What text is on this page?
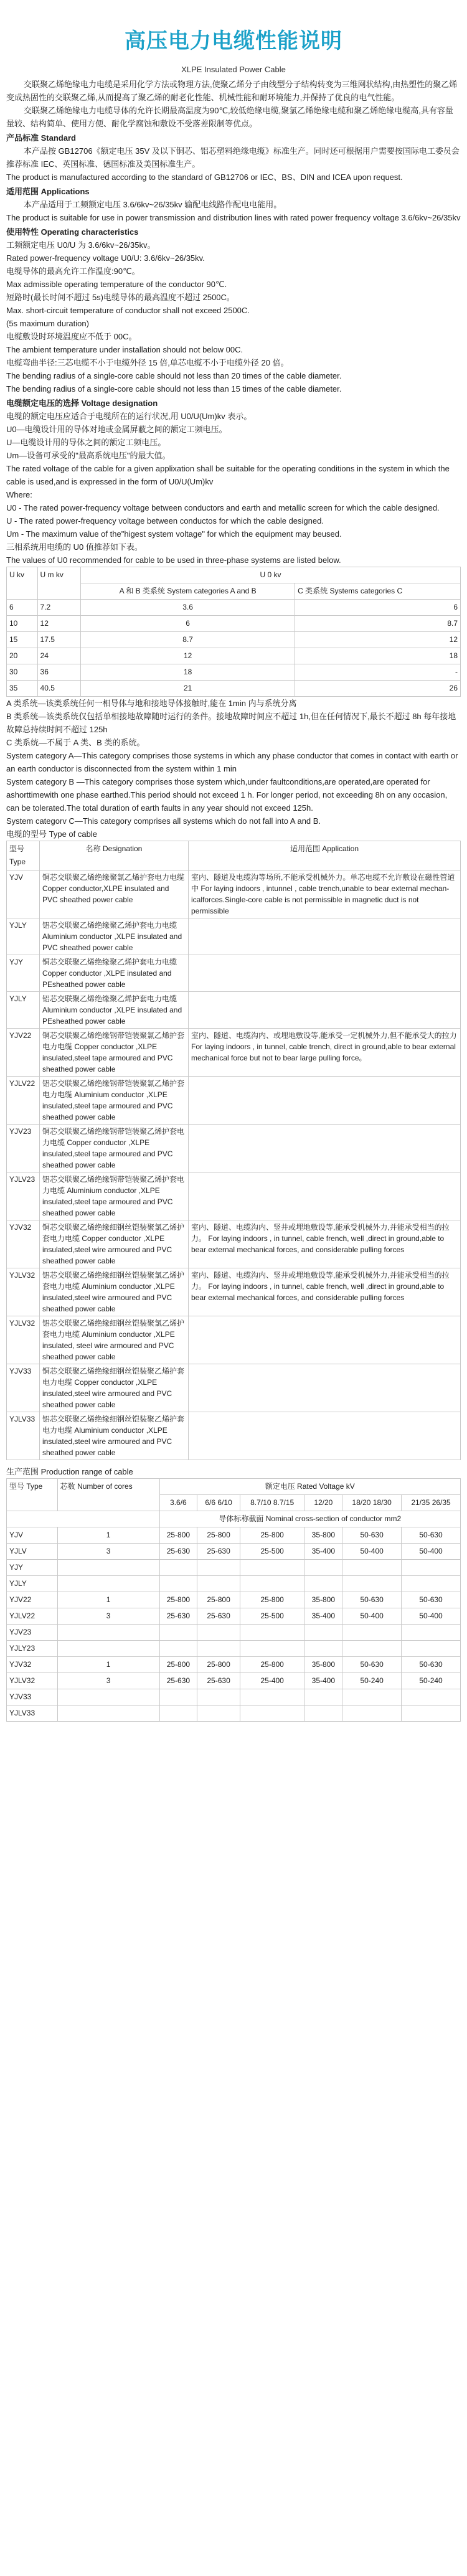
高压电力电缆性能说明
XLPE Insulated Power Cable

交联聚乙烯绝缘电力电缆是采用化学方法或物理方法,使聚乙烯分子由线型分子结构转变为三维网状结构,由热塑性的聚乙烯变成热固性的交联聚乙烯,从而提高了聚乙烯的耐老化性能、机械性能和耐环境能力,并保持了优良的电气性能。

交联聚乙烯绝缘电力电缆导体的允许长期最高温度为90℃,较低绝缘电缆,聚氯乙烯绝缘电缆和聚乙烯绝缘电缆高,具有容量量较、结构简单、使用方便、耐化学腐蚀和敷设不受落差限制等优点。

产品标准 Standard

本产品按 GB12706《额定电压 35V 及以下铜芯、铝芯塑料绝缘电缆》标准生产。同时还可根据用户需要按国际电工委员会推荐标准 IEC、英国标准、德国标准及美国标准生产。

The product is manufactured according to the standard of GB12706 or IEC、BS、DIN and ICEA upon request.

适用范围 Applications

本产品适用于工频额定电压 3.6/6kv~26/35kv 输配电线路作配电电能用。

The product is suitable for use in power transmission and distribution lines with rated power frequency voltage 3.6/6kv~26/35kv

使用特性 Operating characteristics

工频额定电压 U0/U 为 3.6/6kv~26/35kv。

Rated power-frequency voltage U0/U: 3.6/6kv~26/35kv.

电缆导体的最高允许工作温度:90℃。

Max admissible operating temperature of the conductor 90℃.

短路时(最长时间不超过 5s)电缆导体的最高温度不超过 2500C。

Max. short-circuit temperature of conductor shall not exceed 2500C.

(5s maximum duration)

电缆敷设时环境温度应不低于 00C。

The ambient temperature under installation should not below 00C.

电缆弯曲半径:三芯电缆不小于电缆外径 15 倍,单芯电缆不小于电缆外径 20 倍。

The bending radius of a single-core cable should not less than 20 times of the cable diameter.

The bending radius of a single-core cable should not less than 15 times of the cable diameter.

电缆额定电压的选择 Voltage designation

电缆的额定电压应适合于电缆所在的运行状况,用 U0/U(Um)kv 表示。

U0—电缆设计用的导体对地或金属屏蔽之间的额定工频电压。

U—电缆设计用的导体之间的额定工频电压。

Um—设备可承受的"最高系统电压"的最大值。

The rated voltage of the cable for a given applixation shall be suitable for the operating conditions in the system in which the cable is used,and is expressed in the form of U0/U(Um)kv

Where:

U0 - The rated power-frequency voltage between conductors and earth and metallic screen for which the cable designed.

U - The rated power-frequency voltage between conductos for which the cable designed.

Um - The maximum value of the"higest system voltage" for which the equipment may beused.

三相系统用电缆的 U0 值推荐如下表。

The values of U0 recommended for cable to be used in three-phase systems are listed below.

U kv	U m kv	U 0 kv	
		A 和 B 类系统 System categories A and B	C 类系统 Systems categories C
6	7.2	3.6	6
10	12	6	8.7
15	17.5	8.7	12
20	24	12	18
30	36	18	-
35	40.5	21	26

A 类系统—该类系统任何一相导体与地和接地导体接触时,能在 1min 内与系统分离

B 类系统—该类系统仅包括单相接地故障随时运行的条件。接地故障时间应不超过 1h,但在任何情况下,最长不超过 8h 每年接地故障总持续时间不超过 125h

C 类系统—不属于 A 类、B 类的系统。

System category A—This category comprises those systems in which any phase conductor that comes in contact with earth or an earth conductor is disconnected from the system within 1 min

System category B —This category comprises those system which,under faultconditions,are operated,are operated for ashorttimewith one phase earthed.This period should not exceed 1 h. For longer period, not exceeding 8h on any occasion, can be tolerated.The total duration of earth faults in any year should not exceed 125h.

System categorv C—This category comprises all systems which do not fall into A and B.

电缆的型号 Type of cable

型号 Type	名称 Designation	适用范围 Application
YJV	铜芯交联聚乙烯绝缘聚氯乙烯护套电力电缆 Copper conductor,XLPE insulated and PVC sheathed power cable	室内、隧道及电缆沟等场所,不能承受机械外力。单芯电缆不允许敷设在磁性管道中 For laying indoors , intunnel , cable trench,unable to bear external mechan-icalforces.Single-core cable is not permissible in magnetic duct is not permissible
YJLY	铝芯交联聚乙烯绝缘聚乙烯护套电力电缆 Aluminium conductor ,XLPE insulated and PVC sheathed power cable	
YJY	铜芯交联聚乙烯绝缘聚乙烯护套电力电缆 Copper conductor ,XLPE insulated and PEsheathed power cable	
YJLY	铝芯交联聚乙烯绝缘聚乙烯护套电力电缆 Aluminium conductor ,XLPE insulated and PEsheathed power cable	
YJV22	铜芯交联聚乙烯绝缘钢带铠装聚氯乙烯护套电力电缆 Copper conductor ,XLPE insulated,steel tape armoured and PVC sheathed power cable	室内、隧道、电缆沟内、或埋地敷设等,能承受一定机械外力,但不能承受大的拉力 For laying indoors , in tunnel, cable trench, direct in ground,able to bear external mechanical force but not to bear large pulling force。
YJLV22	铝芯交联聚乙烯绝缘钢带铠装聚氯乙烯护套电力电缆 Aluminium conductor ,XLPE insulated,steel tape armoured and PVC sheathed power cable	
YJV23	铜芯交联聚乙烯绝缘钢带铠装聚乙烯护套电力电缆 Copper conductor ,XLPE insulated,steel tape armoured and PVC sheathed power cable	
YJLV23	铝芯交联聚乙烯绝缘钢带铠装聚乙烯护套电力电缆 Aluminium conductor ,XLPE insulated,steel tape armoured and PVC sheathed power cable	
YJV32	铜芯交联聚乙烯绝缘细钢丝铠装聚氯乙烯护套电力电缆 Copper conductor ,XLPE insulated,steel wire armoured and PVC sheathed power cable	室内、隧道、电缆沟内、竖井或埋地敷设等,能承受机械外力,并能承受相当的拉力。 For laying indoors , in tunnel, cable french, well ,direct in ground,able to bear external mechanical forces, and considerable pulling forces
YJLV32	铝芯交联聚乙烯绝缘细钢丝铠装聚氯乙烯护套电力电缆 Aluminium conductor ,XLPE insulated,steel wire armoured and PVC sheathed power cable	室内、隧道、电缆沟内、竖井或埋地敷设等,能承受机械外力,并能承受相当的拉力。 For laying indoors , in tunnel, cable french, well ,direct in ground,able to bear external mechanical forces, and considerable pulling forces
YJLV32	铝芯交联聚乙烯绝缘细钢丝铠装聚氯乙烯护套电力电缆 Aluminium conductor ,XLPE insulated, steel wire armoured and PVC sheathed power cable	
YJV33	铜芯交联聚乙烯绝缘细钢丝铠装聚乙烯护套电力电缆 Copper conductor ,XLPE insulated,steel wire armoured and PVC sheathed power cable	
YJLV33	铝芯交联聚乙烯绝缘细钢丝铠装聚乙烯护套电力电缆 Aluminium conductor ,XLPE insulated,steel wire armoured and PVC sheathed power cable	

生产范围 Production range of cable

型号 Type	芯数 Number of cores	额定电压 Rated Voltage kV					
		3.6/6	6/6 6/10	8.7/10 8.7/15	12/20	18/20 18/30	21/35 26/35
		导体标称截面 Nominal cross-section of conductor mm2					
YJV	1	25-800	25-800	25-800	35-800	50-630	50-630
YJLV	3	25-630	25-630	25-500	35-400	50-400	50-400
YJY							
YJLY							
YJV22	1	25-800	25-800	25-800	35-800	50-630	50-630
YJLV22	3	25-630	25-630	25-500	35-400	50-400	50-400
YJV23							
YJLY23							
YJV32	1	25-800	25-800	25-800	35-800	50-630	50-630
YJLV32	3	25-630	25-630	25-400	35-400	50-240	50-240
YJV33							
YJLV33							
